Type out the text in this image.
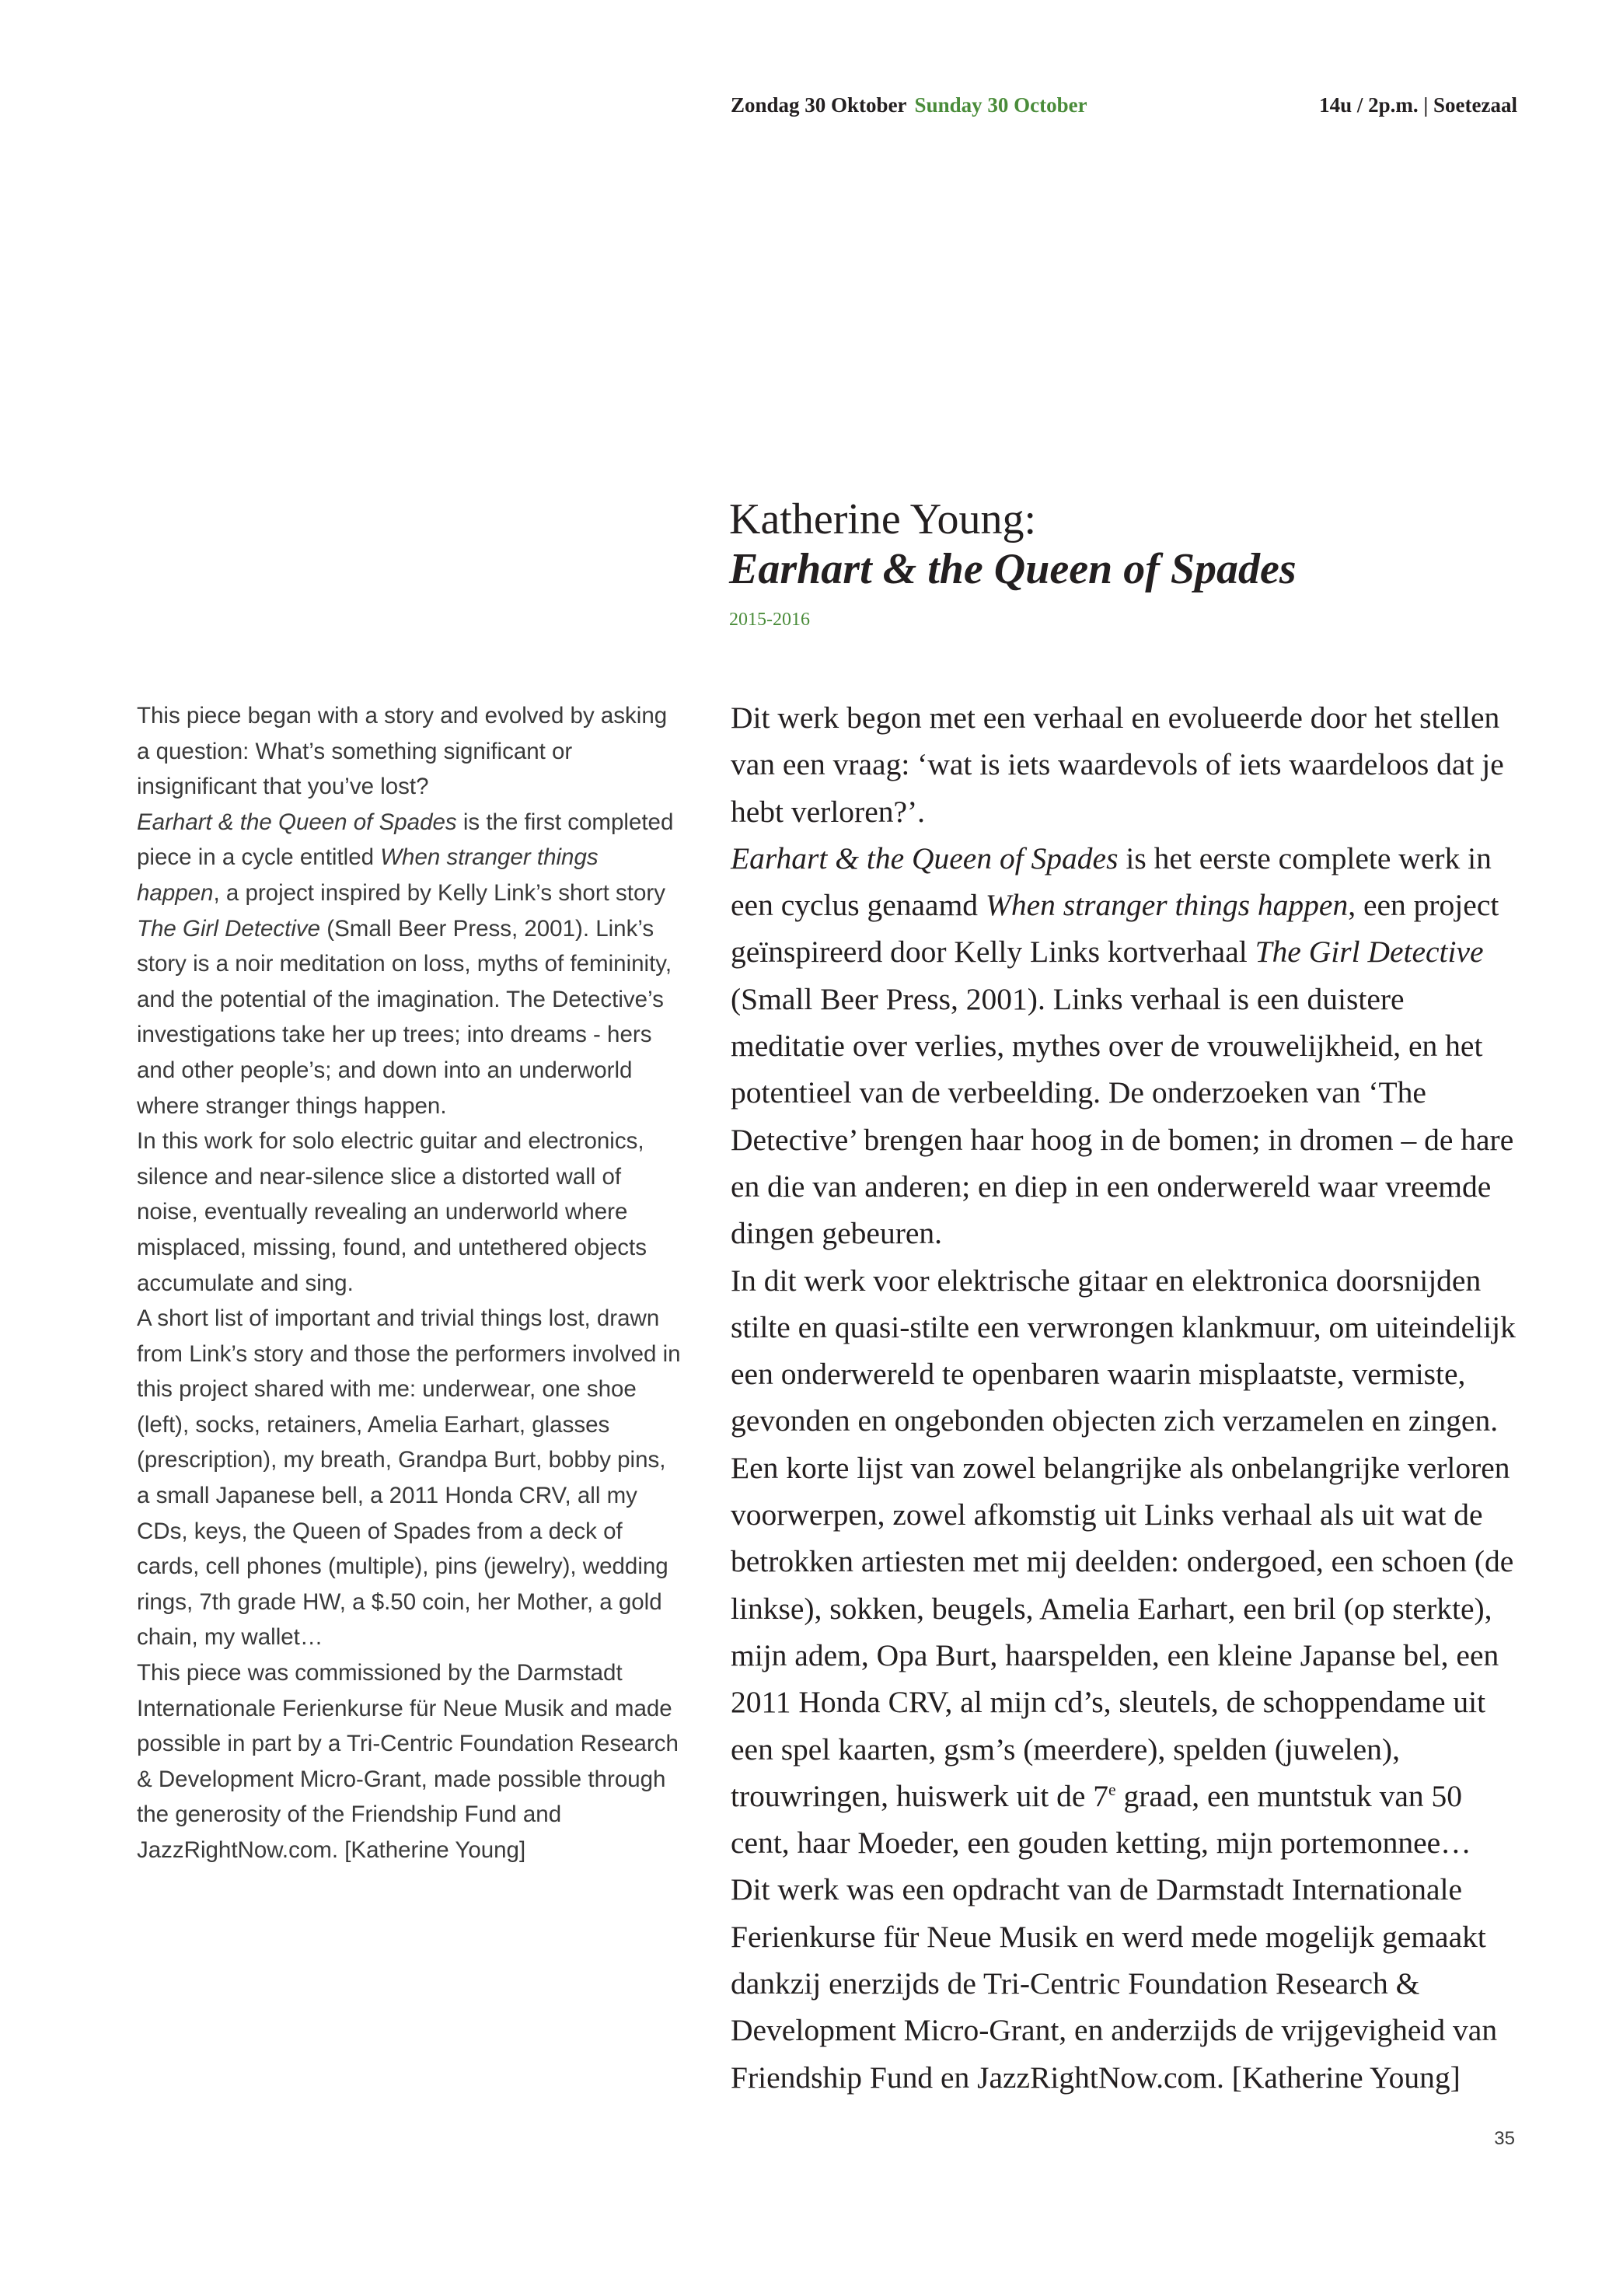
Zondag 30 Oktober Sunday 30 October	14u / 2p.m. | Soetezaal
Katherine Young:
Earhart & the Queen of Spades
2015-2016

This piece began with a story and evolved by asking a question: What’s something significant or insignificant that you’ve lost?

Earhart & the Queen of Spades is the first completed piece in a cycle entitled When stranger things happen, a project inspired by Kelly Link’s short story The Girl Detective (Small Beer Press, 2001). Link’s story is a noir meditation on loss, myths of femininity, and the potential of the imagination. The Detective’s investigations take her up trees; into dreams - hers and other people’s; and down into an underworld where stranger things happen.

In this work for solo electric guitar and electronics, silence and near-silence slice a distorted wall of noise, eventually revealing an underworld where misplaced, missing, found, and untethered objects accumulate and sing.

A short list of important and trivial things lost, drawn from Link’s story and those the performers involved in this project shared with me: underwear, one shoe (left), socks, retainers, Amelia Earhart, glasses (prescription), my breath, Grandpa Burt, bobby pins, a small Japanese bell, a 2011 Honda CRV, all my CDs, keys, the Queen of Spades from a deck of cards, cell phones (multiple), pins (jewelry), wedding rings, 7th grade HW, a $.50 coin, her Mother, a gold chain, my wallet…

This piece was commissioned by the Darmstadt Internationale Ferienkurse für Neue Musik and made possible in part by a Tri-Centric Foundation Research & Development Micro-Grant, made possible through the generosity of the Friendship Fund and JazzRightNow.com. [Katherine Young]

Dit werk begon met een verhaal en evolueerde door het stellen van een vraag: ‘wat is iets waardevols of iets waardeloos dat je hebt verloren?’.

Earhart & the Queen of Spades is het eerste complete werk in een cyclus genaamd When stranger things happen, een project geïnspireerd door Kelly Links kortverhaal The Girl Detective (Small Beer Press, 2001). Links verhaal is een duistere meditatie over verlies, mythes over de vrouwelijkheid, en het potentieel van de verbeelding. De onderzoeken van ‘The Detective’ brengen haar hoog in de bomen; in dromen – de hare en die van anderen; en diep in een onderwereld waar vreemde dingen gebeuren.

In dit werk voor elektrische gitaar en elektronica doorsnijden stilte en quasi-stilte een verwrongen klankmuur, om uiteindelijk een onderwereld te openbaren waarin misplaatste, vermiste, gevonden en ongebonden objecten zich verzamelen en zingen.

Een korte lijst van zowel belangrijke als onbelangrijke verloren voorwerpen, zowel afkomstig uit Links verhaal als uit wat de betrokken artiesten met mij deelden: ondergoed, een schoen (de linkse), sokken, beugels, Amelia Earhart, een bril (op sterkte), mijn adem, Opa Burt, haarspelden, een kleine Japanse bel, een 2011 Honda CRV, al mijn cd’s, sleutels, de schoppendame uit een spel kaarten, gsm’s (meerdere), spelden (juwelen), trouwringen, huiswerk uit de 7e graad, een muntstuk van 50 cent, haar Moeder, een gouden ketting, mijn portemonnee…

Dit werk was een opdracht van de Darmstadt Internationale Ferienkurse für Neue Musik en werd mede mogelijk gemaakt dankzij enerzijds de Tri-Centric Foundation Research & Development Micro-Grant, en anderzijds de vrijgevigheid van Friendship Fund en JazzRightNow.com. [Katherine Young]

35
